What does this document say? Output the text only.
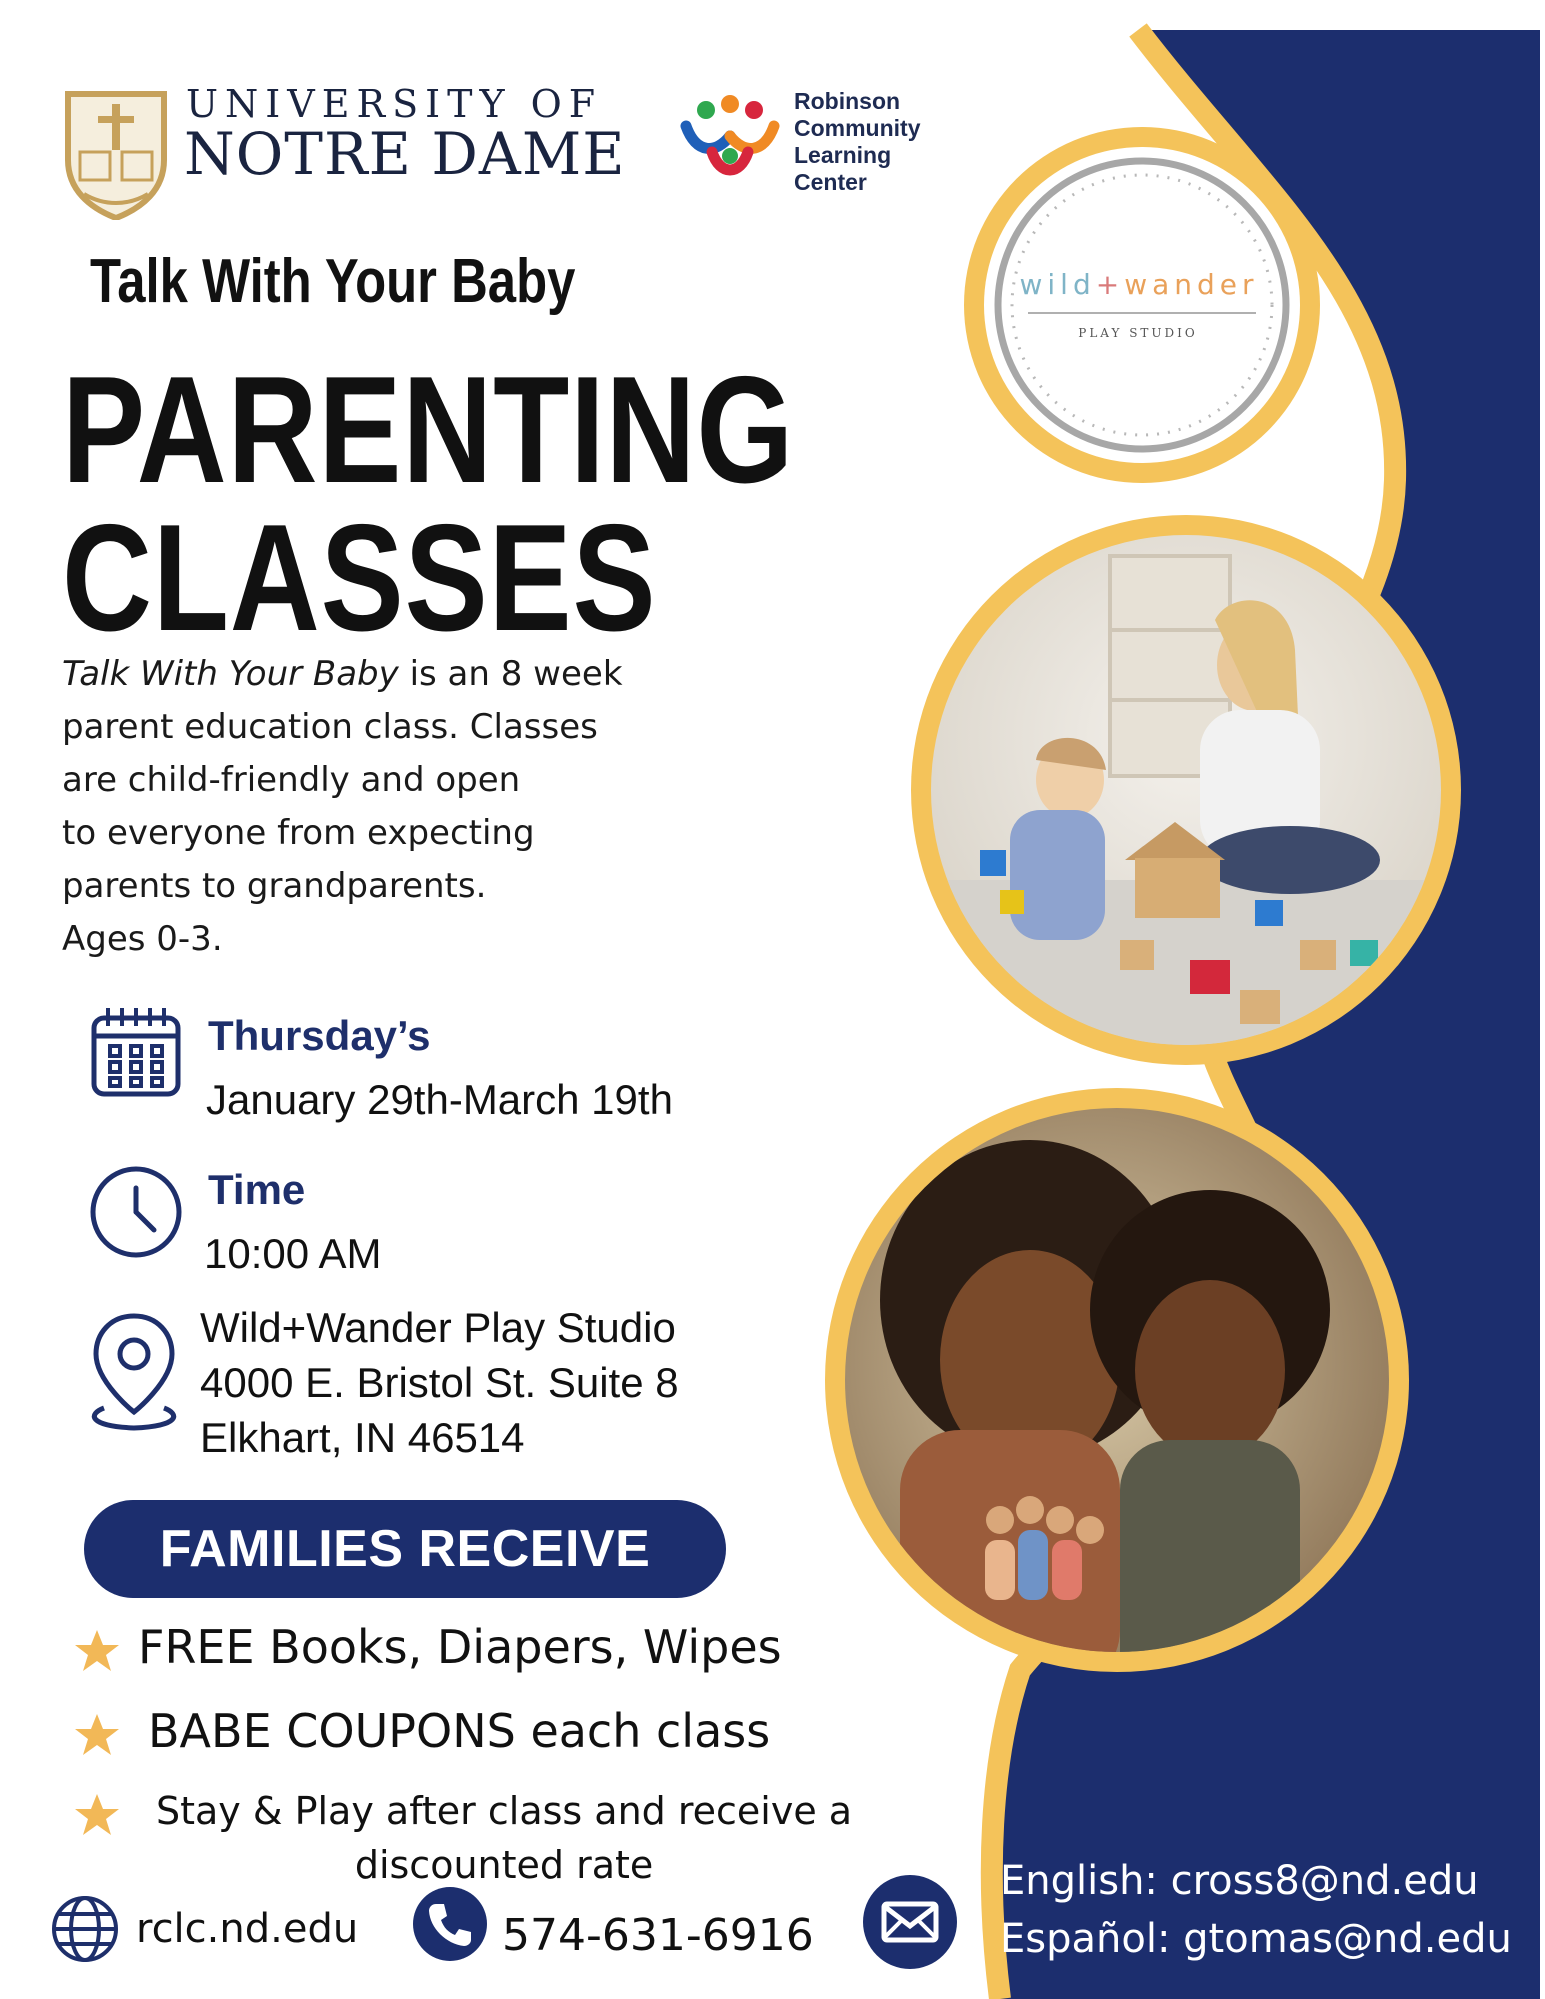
UNIVERSITY OF
NOTRE DAME
Robinson
Community
Learning
Center
wild+wander
PLAY STUDIO
Talk With Your Baby
PARENTING
CLASSES
Talk With Your Baby is an 8 week
parent education class. Classes
are child-friendly and open
to everyone from expecting
parents to grandparents.
Ages 0-3.
Thursday’s
January 29th-March 19th
Time
10:00 AM
Wild+Wander Play Studio
4000 E. Bristol St. Suite 8
Elkhart, IN 46514
FAMILIES RECEIVE
FREE Books, Diapers, Wipes
BABE COUPONS each class
Stay & Play after class and receive a
discounted rate
rclc.nd.edu	574-631-6916
English: cross8@nd.edu
Español: gtomas@nd.edu
